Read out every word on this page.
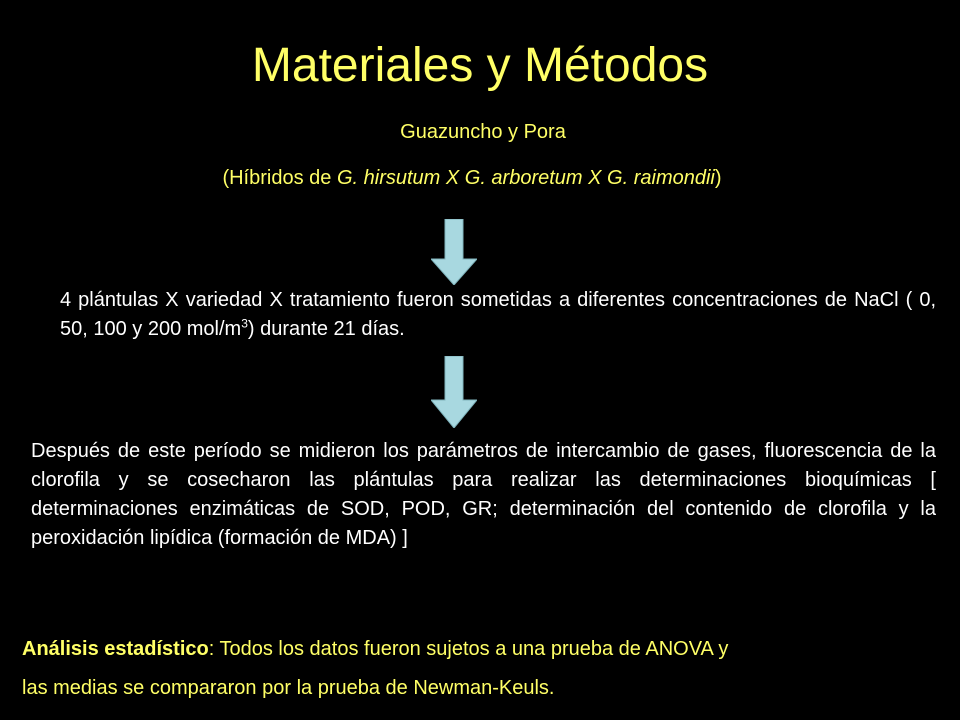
Materiales y Métodos
Guazuncho y Pora
(Híbridos de G. hirsutum X G. arboretum X G. raimondii)
4 plántulas X variedad X tratamiento fueron sometidas a diferentes concentraciones de NaCl ( 0, 50, 100 y 200 mol/$m^3$) durante 21 días.
Después de este período se midieron los parámetros de intercambio de gases, fluorescencia de la clorofila y se cosecharon las plántulas para realizar las determinaciones bioquímicas [ determinaciones enzimáticas de SOD, POD, GR; determinación del contenido de clorofila y la peroxidación lipídica (formación de MDA) ]
Análisis estadístico: Todos los datos fueron sujetos a una prueba de ANOVA y
las medias se compararon por la prueba de Newman-Keuls.
